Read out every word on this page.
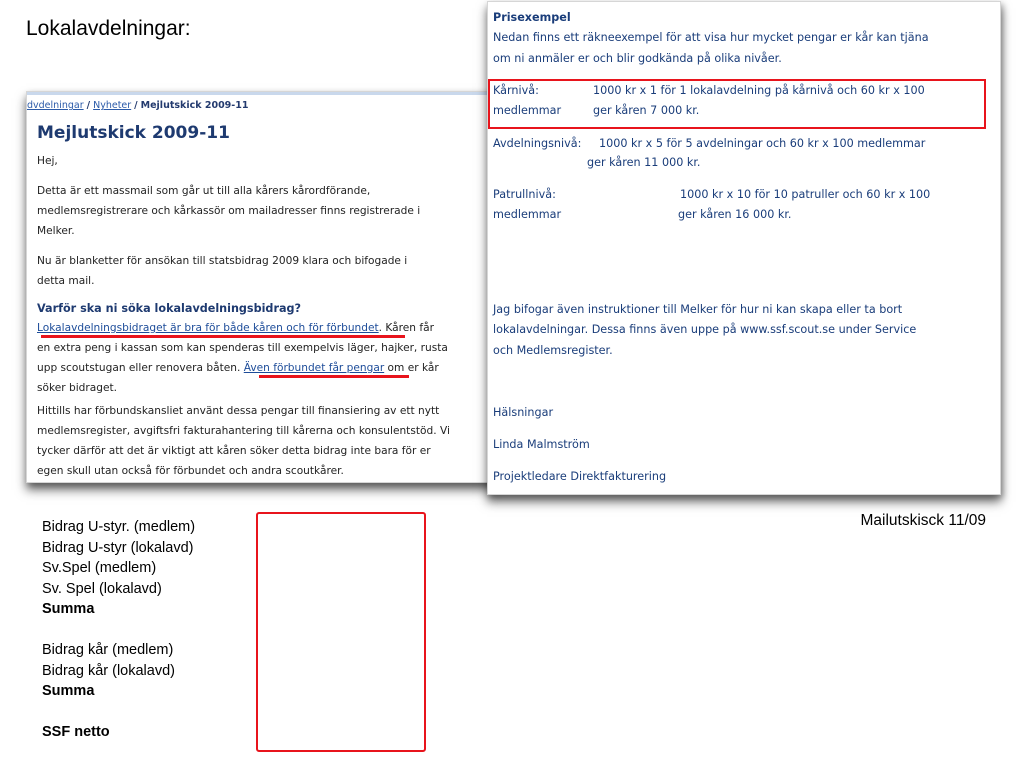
Lokalavdelningar:
dvdelningar / Nyheter / Mejlutskick 2009-11
Mejlutskick 2009-11
Hej,
Detta är ett massmail som går ut till alla kårers kårordförande,
medlemsregistrerare och kårkassör om mailadresser finns registrerade i
Melker.
Nu är blanketter för ansökan till statsbidrag 2009 klara och bifogade i
detta mail.
Varför ska ni söka lokalavdelningsbidrag?
Lokalavdelningsbidraget är bra för både kåren och för förbundet. Kåren får
en extra peng i kassan som kan spenderas till exempelvis läger, hajker, rusta
upp scoutstugan eller renovera båten. Även förbundet får pengar om er kår
söker bidraget.
Hittills har förbundskansliet använt dessa pengar till finansiering av ett nytt
medlemsregister, avgiftsfri fakturahantering till kårerna och konsulentstöd. Vi
tycker därför att det är viktigt att kåren söker detta bidrag inte bara för er
egen skull utan också för förbundet och andra scoutkårer.
Prisexempel
Nedan finns ett räkneexempel för att visa hur mycket pengar er kår kan tjäna
om ni anmäler er och blir godkända på olika nivåer.
Kårnivå:	1000 kr x 1 för 1 lokalavdelning på kårnivå och 60 kr x 100
medlemmar	ger kåren 7 000 kr.
Avdelningsnivå: 1000 kr x 5 för 5 avdelningar och 60 kr x 100 medlemmar
ger kåren 11 000 kr.
Patrullnivå:	1000 kr x 10 för 10 patruller och 60 kr x 100
medlemmar	ger kåren 16 000 kr.
Jag bifogar även instruktioner till Melker för hur ni kan skapa eller ta bort
lokalavdelningar. Dessa finns även uppe på www.ssf.scout.se under Service
och Medlemsregister.
Hälsningar
Linda Malmström
Projektledare Direktfakturering
Mailutskisck 11/09
Bidrag U-styr. (medlem)
Bidrag U-styr (lokalavd)
Sv.Spel (medlem)
Sv. Spel (lokalavd)
Summa
Bidrag kår (medlem)
Bidrag kår (lokalavd)
Summa
SSF netto
